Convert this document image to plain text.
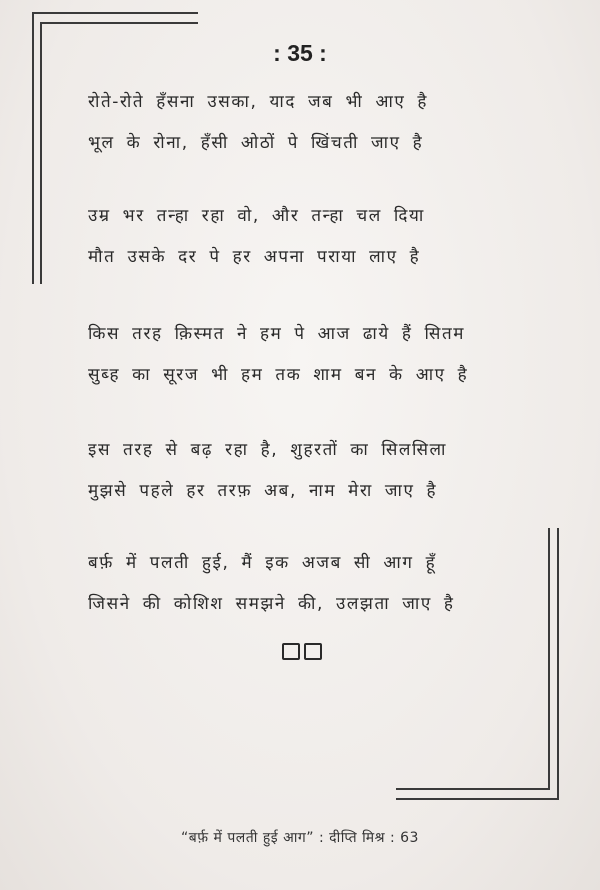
: 35 :
रोते-रोते हँसना उसका, याद जब भी आए है
भूल के रोना, हँसी ओठों पे खिंचती जाए है
उम्र भर तन्हा रहा वो, और तन्हा चल दिया
मौत उसके दर पे हर अपना पराया लाए है
किस तरह क़िस्मत ने हम पे आज ढाये हैं सितम
सुब्ह का सूरज भी हम तक शाम बन के आए है
इस तरह से बढ़ रहा है, शुहरतों का सिलसिला
मुझसे पहले हर तरफ़ अब, नाम मेरा जाए है
बर्फ़ में पलती हुई, मैं इक अजब सी आग हूँ
जिसने की कोशिश समझने की, उलझता जाए है
“बर्फ़ में पलती हुई आग” : दीप्ति मिश्र : 63
